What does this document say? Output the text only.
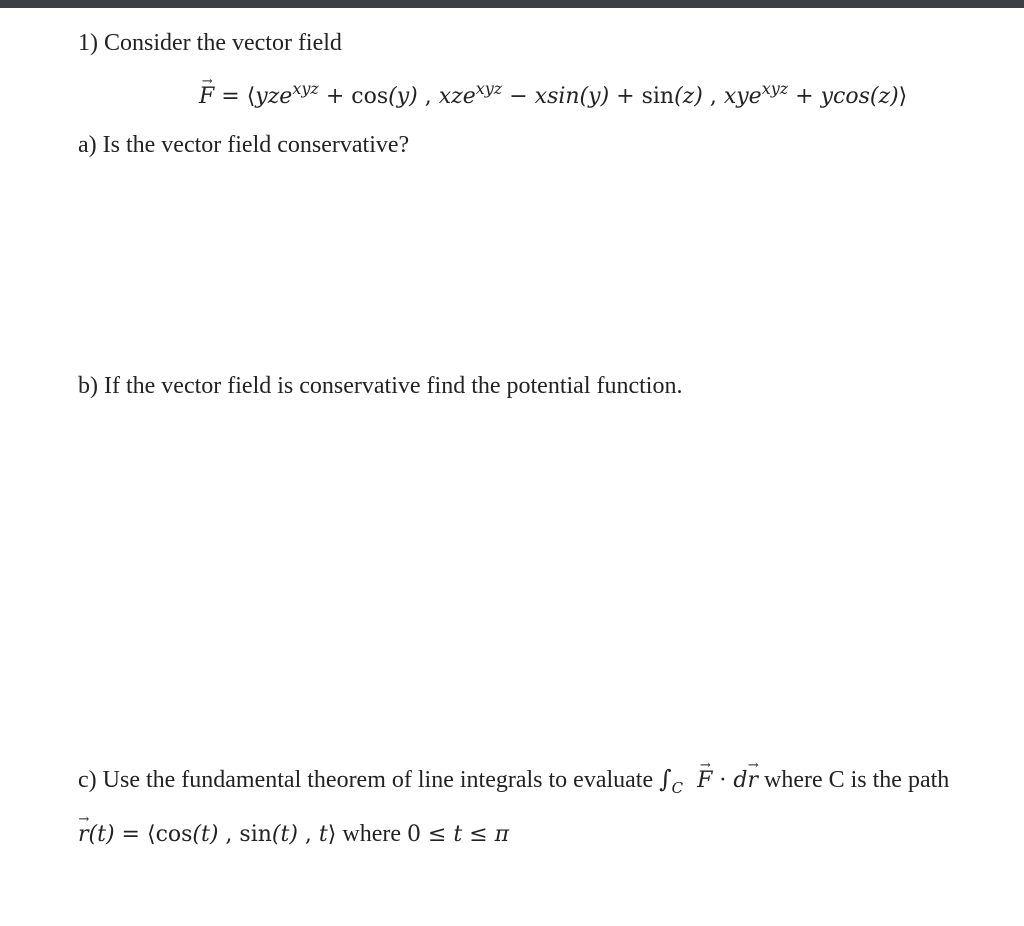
1) Consider the vector field
F → = ⟨yze$^{xyz}$ + cos(y) , xze$^{xyz}$ − xsin(y) + sin(z) , xye$^{xyz}$ + ycos(z)⟩
a) Is the vector field conservative?
b) If the vector field is conservative find the potential function.
c) Use the fundamental theorem of line integrals to evaluate $\int_C$ F → · dr → where C is the path
r →(t) = ⟨cos(t) , sin(t) , t⟩ where 0 ≤ t ≤ π
